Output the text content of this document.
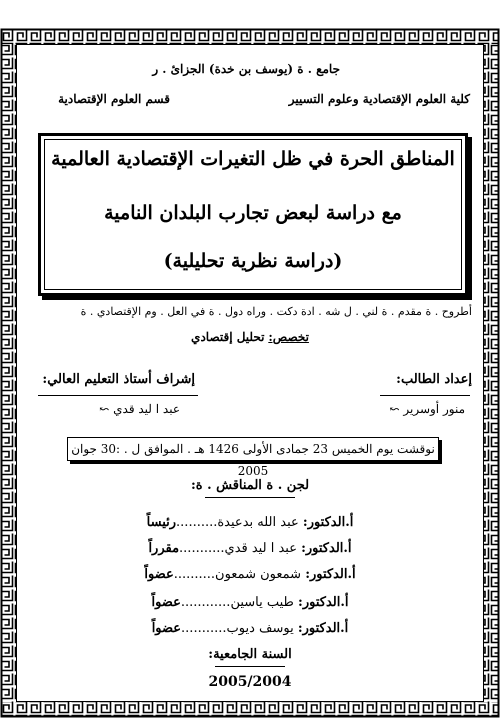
جامع . ة (يوسف بن خدة) الجزائ . ر
كلية العلوم الإقتصادية وعلوم التسيير
قسم العلوم الإقتصادية
المناطق الحرة في ظل التغيرات الإقتصادية العالمية
مع دراسة لبعض تجارب البلدان النامية
(دراسة نظرية تحليلية)
أطروح . ة مقدم . ة لني . ل شه . ادة دكت . وراه دول . ة في العل . وم الإقتصادي . ة
تخصص: تحليل إقتصادي
إعداد الطالب:
منور أوسرير ↜
إشراف أستاذ التعليم العالي:
عبد ا ليد قدي ↜
نوقشت يوم الخميس 23 جمادى الأولى 1426 هـ . الموافق ل . :30 جوان 2005
لجن . ة المناقش . ة:
أ.الدكتور: عبد الله بدعيدة..........رئيساً
أ.الدكتور: عبد ا ليد قدي...........مقرراً
أ.الدكتور: شمعون شمعون..........عضواً
أ.الدكتور: طيب ياسين............عضواً
أ.الدكتور: يوسف ديوب...........عضواً
السنة الجامعية:
2005/2004
